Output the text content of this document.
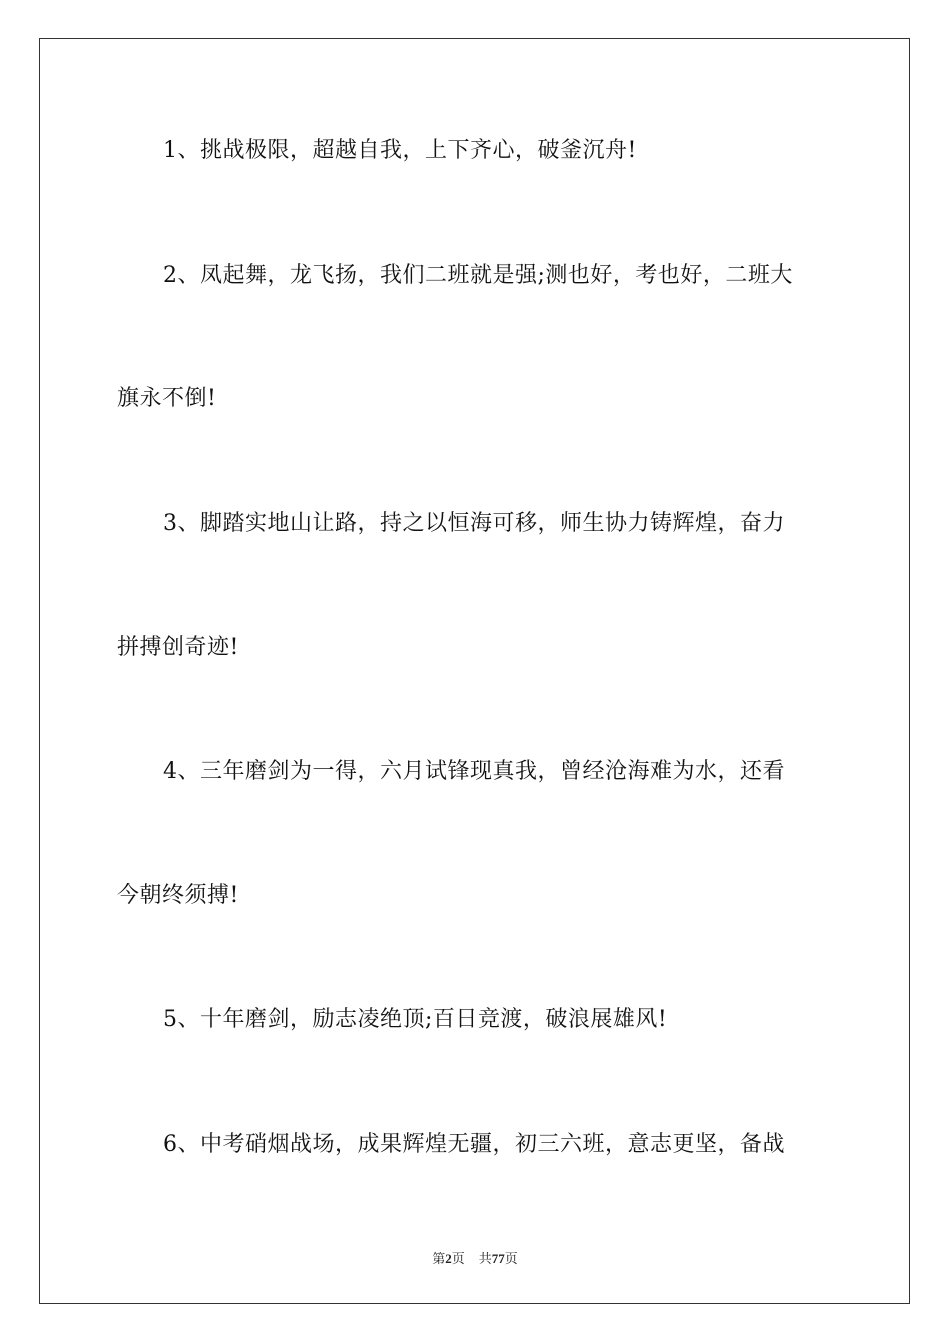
1、挑战极限，超越自我，上下齐心，破釜沉舟!
2、凤起舞，龙飞扬，我们二班就是强;测也好，考也好，二班大
旗永不倒!
3、脚踏实地山让路，持之以恒海可移，师生协力铸辉煌，奋力
拼搏创奇迹!
4、三年磨剑为一得，六月试锋现真我，曾经沧海难为水，还看
今朝终须搏!
5、十年磨剑，励志凌绝顶;百日竞渡，破浪展雄风!
6、中考硝烟战场，成果辉煌无疆，初三六班，意志更坚，备战
第2页 共77页
